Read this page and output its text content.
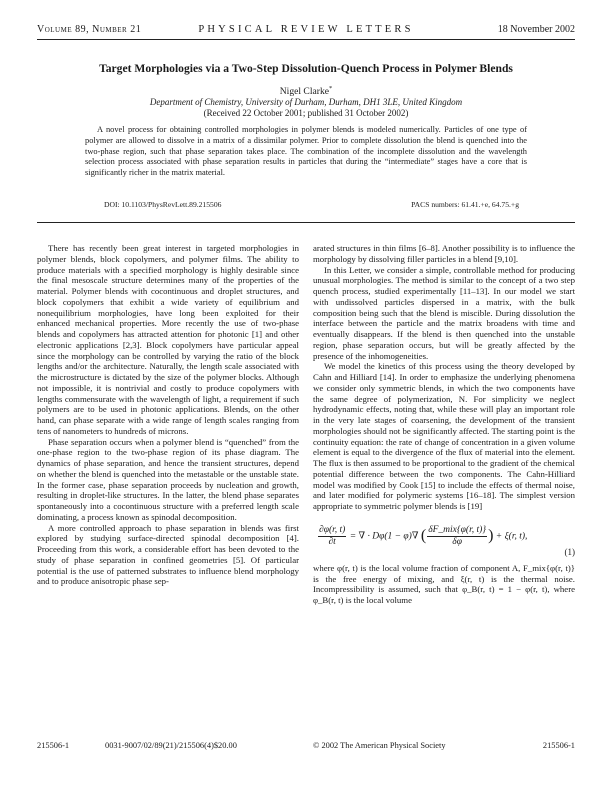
Volume 89, Number 21	PHYSICAL REVIEW LETTERS	18 November 2002
Target Morphologies via a Two-Step Dissolution-Quench Process in Polymer Blends
Nigel Clarke*
Department of Chemistry, University of Durham, Durham, DH1 3LE, United Kingdom
(Received 22 October 2001; published 31 October 2002)
A novel process for obtaining controlled morphologies in polymer blends is modeled numerically. Particles of one type of polymer are allowed to dissolve in a matrix of a dissimilar polymer. Prior to complete dissolution the blend is quenched into the two-phase region, such that phase separation takes place. The combination of the incomplete dissolution and the wavelength selection process associated with phase separation results in particles that during the “intermediate” stages have a core that is significantly richer in the matrix material.
DOI: 10.1103/PhysRevLett.89.215506	PACS numbers: 61.41.+e, 64.75.+g

There has recently been great interest in targeted morphologies in polymer blends, block copolymers, and polymer films. The ability to produce materials with a specified morphology is highly desirable since the final mesoscale structure determines many of the properties of the material. Polymer blends with cocontinuous and droplet structures, and block copolymers that exhibit a wide variety of equilibrium and nonequilibrium morphologies, have long been exploited for their enhanced mechanical properties. More recently the use of two-phase blends and copolymers has attracted attention for photonic [1] and other electronic applications [2,3]. Block copolymers have particular appeal since the morphology can be controlled by varying the ratio of the block lengths and/or the architecture. Naturally, the length scale associated with the microstructure is dictated by the size of the polymer blocks. Although not impossible, it is nontrivial and costly to produce copolymers with lengths commensurate with the wavelength of light, a requirement if such polymers are to be used in photonic applications. Blends, on the other hand, can phase separate with a wide range of length scales ranging from tens of nanometers to hundreds of microns.

Phase separation occurs when a polymer blend is “quenched” from the one-phase region to the two-phase region of its phase diagram. The dynamics of phase separation, and hence the transient structures, depend on whether the blend is quenched into the metastable or the unstable state. In the former case, phase separation proceeds by nucleation and growth, resulting in droplet-like structures. In the latter, the blend phase separates spontaneously into a cocontinuous structure with a preferred length scale dominating, a process known as spinodal decomposition.

A more controlled approach to phase separation in blends was first explored by studying surface-directed spinodal decomposition [4]. Proceeding from this work, a considerable effort has been devoted to the study of phase separation in confined geometries [5]. Of particular potential is the use of patterned substrates to influence blend morphology and to produce anisotropic phase sep-

arated structures in thin films [6–8]. Another possibility is to influence the morphology by dissolving filler particles in a blend [9,10].

In this Letter, we consider a simple, controllable method for producing unusual morphologies. The method is similar to the concept of a two step quench process, studied experimentally [11–13]. In our model we start with undissolved particles dispersed in a matrix, with the bulk composition being such that the blend is miscible. During dissolution the interface between the particle and the matrix broadens with time and eventually disappears. If the blend is then quenched into the unstable region, phase separation occurs, but will be greatly affected by the presence of the inhomogeneities.

We model the kinetics of this process using the theory developed by Cahn and Hilliard [14]. In order to emphasize the underlying phenomena we consider only symmetric blends, in which the two components have the same degree of polymerization, N. For simplicity we neglect hydrodynamic effects, noting that, while these will play an important role in the very late stages of coarsening, the development of the transient morphologies should not be significantly affected. The starting point is the continuity equation: the rate of change of concentration in a given volume element is equal to the divergence of the flux of material into the element. The flux is then assumed to be proportional to the gradient of the chemical potential difference between the two components. The Cahn-Hilliard model was modified by Cook [15] to include the effects of thermal noise, and later modified for polymeric systems [16–18]. The simplest version appropriate to symmetric polymer blends is [19]

$\frac{\partial\varphi(r, t)}{\partial t}$ = ∇ · Dφ(1 − φ)∇ ( $\frac{\text{δF\_mix\{φ(r, t)\}}}{\delta\varphi}$ ) + ξ(r, t),
(1)

where φ(r, t) is the local volume fraction of component A, F_mix{φ(r, t)} is the free energy of mixing, and ξ(r, t) is the thermal noise. Incompressibility is assumed, such that φ_B(r, t) = 1 − φ(r, t), where φ_B(r, t) is the local volume

215506-1	0031-9007/02/89(21)/215506(4)$20.00	© 2002 The American Physical Society	215506-1
